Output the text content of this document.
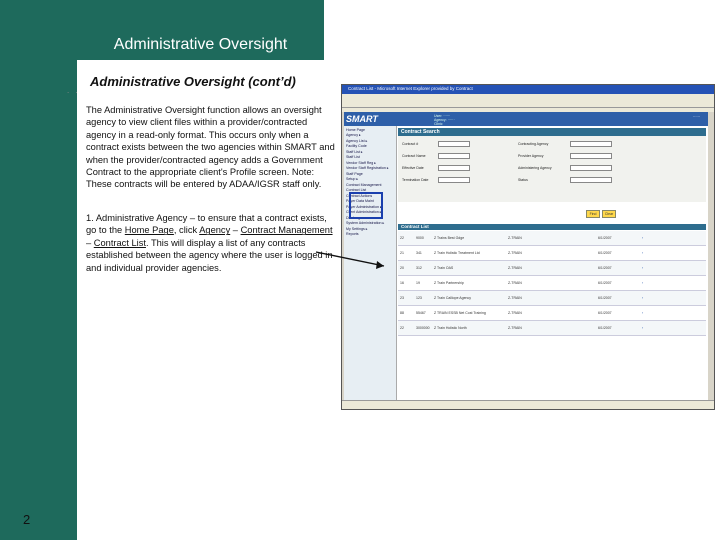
Administrative Oversight
. .
Administrative Oversight (cont’d)
The Administrative Oversight function allows an oversight agency to view client files within a provider/contracted agency in a read-only format. This occurs only when a contract exists between the two agencies within SMART and when the provider/contracted agency adds a Government Contract to the appropriate client's Profile screen. Note: These contracts will be entered by ADAA/IGSR staff only.
1. Administrative Agency – to ensure that a contract exists, go to the Home Page, click Agency – Contract Management – Contract List. This will display a list of any contracts established between the agency where the user is logged in and individual provider agencies.
2
Contract List - Microsoft Internet Explorer provided by Contract
SMART	User: ······
Agency: ······
Clinic
······
Home Page
Agency ▸
Agency List ▸
Facility Code
Staff List ▸
Staff List
Vendor Staff Reg ▸
Vendor Staff Registration ▸
Staff Page
Setup ▸
Contract Management
Contract List
Contract Actions
Payer Data Maint
Payer Administration ▸
Client Administration ▸
Discharge ▸
System Administration ▸
My Settings ▸
Reports
Contract Search
Contract #	Contracting Agency
Contract Name	Provider Agency
Effective Date	Administering Agency
Termination Date	Status
Find	Clear
Contract List
22	9000	Z Trains Best Gdge	Z-TRAIN	6/1/2007	›
21	341	Z Train Holistic Treatment Ltd	Z-TRAIN	6/1/2007	›
20	312	Z Train OAS	Z-TRAIN	6/1/2007	›
16	19	Z Train Partnership	Z-TRAIN	6/1/2007	›
23	123	Z Train Calliope Agency	Z-TRAIN	6/1/2007	›
88	55467 Z TRAIN ESSB Net Cost Training	Z-TRAIN	6/1/2007	›
22	3000000 Z Train Holistic North	Z-TRAIN	6/1/2007	›
